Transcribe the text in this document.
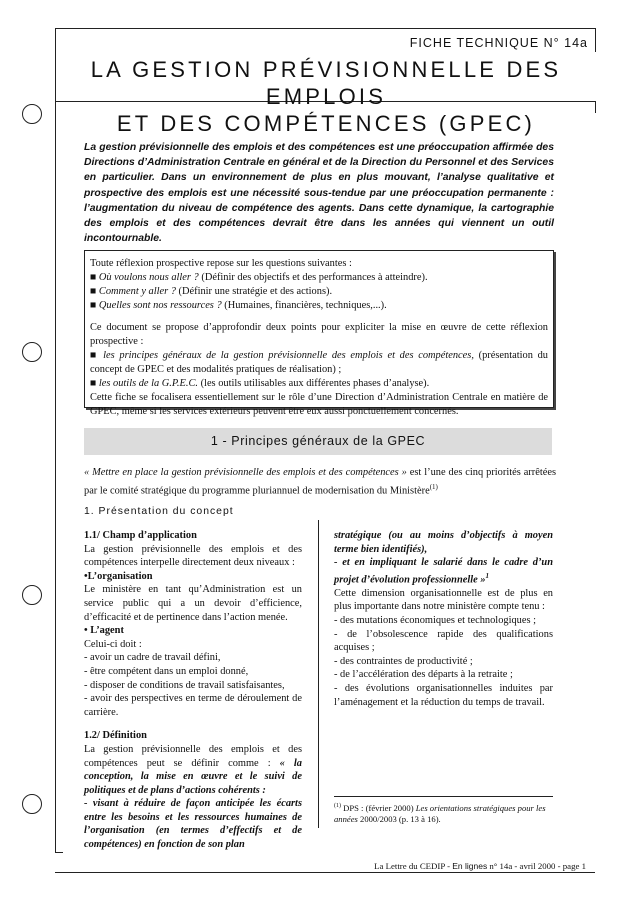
FICHE TECHNIQUE N° 14a
LA GESTION PRÉVISIONNELLE DES EMPLOIS
ET DES COMPÉTENCES (GPEC)
La gestion prévisionnelle des emplois et des compétences est une préoccupation affirmée des Directions d’Administration Centrale en général et de la Direction du Personnel et des Services en particulier. Dans un environnement de plus en plus mouvant, l’analyse qualitative et prospective des emplois est une nécessité sous-tendue par une préoccupation permanente : l’augmentation du niveau de compétence des agents. Dans cette dynamique, la cartographie des emplois et des compétences devrait être dans les années qui viennent un outil incontournable.

Toute réflexion prospective repose sur les questions suivantes :

■ Où voulons nous aller ? (Définir des objectifs et des performances à atteindre).

■ Comment y aller ? (Définir une stratégie et des actions).

■ Quelles sont nos ressources ? (Humaines, financières, techniques,...).

Ce document se propose d’approfondir deux points pour expliciter la mise en œuvre de cette réflexion prospective :

■ les principes généraux de la gestion prévisionnelle des emplois et des compétences, (présentation du concept de GPEC et des modalités pratiques de réalisation) ;

■ les outils de la G.P.E.C. (les outils utilisables aux différentes phases d’analyse).

Cette fiche se focalisera essentiellement sur le rôle d’une Direction d’Administration Centrale en matière de GPEC, même si les services extérieurs peuvent être eux aussi ponctuellement concernés.

1 - Principes généraux de la GPEC
« Mettre en place la gestion prévisionnelle des emplois et des compétences » est l’une des cinq priorités arrêtées par le comité stratégique du programme pluriannuel de modernisation du Ministère$^{(1)}$
1. Présentation du concept

1.1/ Champ d’application

La gestion prévisionnelle des emplois et des compétences interpelle directement deux niveaux :

•L’organisation

Le ministère en tant qu’Administration est un service public qui a un devoir d’efficience, d’efficacité et de pertinence dans l’action menée.

• L’agent

Celui-ci doit :

- avoir un cadre de travail défini,

- être compétent dans un emploi donné,

- disposer de conditions de travail satisfaisantes,

- avoir des perspectives en terme de déroulement de carrière.

1.2/ Définition

La gestion prévisionnelle des emplois et des compétences peut se définir comme : « la conception, la mise en œuvre et le suivi de politiques et de plans d’actions cohérents :

- visant à réduire de façon anticipée les écarts entre les besoins et les ressources humaines de l’organisation (en termes d’effectifs et de compétences) en fonction de son plan

stratégique (ou au moins d’objectifs à moyen terme bien identifiés),

- et en impliquant le salarié dans le cadre d’un projet d’évolution professionnelle »$^1$

Cette dimension organisationnelle est de plus en plus importante dans notre ministère compte tenu :

- des mutations économiques et technologiques ;

- de l’obsolescence rapide des qualifications acquises ;

- des contraintes de productivité ;

- de l’accélération des départs à la retraite ;

- des évolutions organisationnelles induites par l’aménagement et la réduction du temps de travail.

$^{(1)}$ DPS : (février 2000) Les orientations stratégiques pour les années 2000/2003 (p. 13 à 16).
La Lettre du CEDIP - En lignes n° 14a - avril 2000 - page 1
